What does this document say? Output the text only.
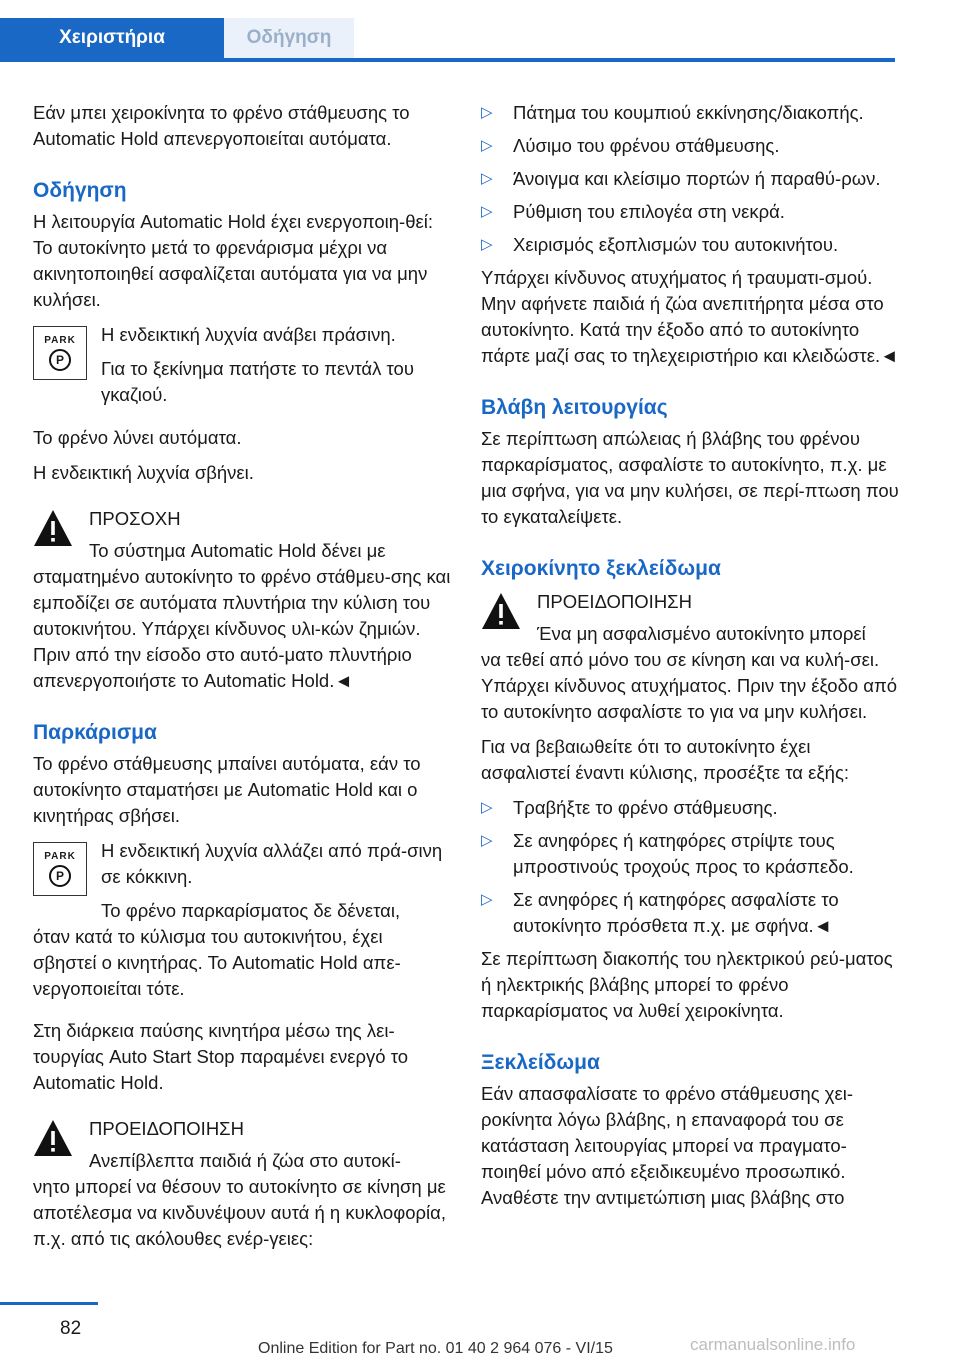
Χειριστήρια	Οδήγηση

Εάν μπει χειροκίνητα το φρένο στάθμευσης το Automatic Hold απενεργοποιείται αυτόματα.

Οδήγηση

Η λειτουργία Automatic Hold έχει ενεργοποιη‐θεί: Το αυτοκίνητο μετά το φρενάρισμα μέχρι να ακινητοποιηθεί ασφαλίζεται αυτόματα για να μην κυλήσει.

PARK
P

Η ενδεικτική λυχνία ανάβει πράσινη.

Για το ξεκίνημα πατήστε το πεντάλ του γκαζιού.

Το φρένο λύνει αυτόματα.

Η ενδεικτική λυχνία σβήνει.

ΠΡΟΣΟΧΗ
Το σύστημα Automatic Hold δένει με

σταματημένο αυτοκίνητο το φρένο στάθμευ‐σης και εμποδίζει σε αυτόματα πλυντήρια την κύλιση του αυτοκινήτου. Υπάρχει κίνδυνος υλι‐κών ζημιών. Πριν από την είσοδο στο αυτό‐ματο πλυντήριο απενεργοποιήστε το Automatic Hold.◄

Παρκάρισμα

Το φρένο στάθμευσης μπαίνει αυτόματα, εάν το αυτοκίνητο σταματήσει με Automatic Hold και ο κινητήρας σβήσει.

PARK
P

Η ενδεικτική λυχνία αλλάζει από πρά‐σινη σε κόκκινη.

Το φρένο παρκαρίσματος δε δένεται,

όταν κατά το κύλισμα του αυτοκινήτου, έχει σβηστεί ο κινητήρας. Το Automatic Hold απε‐νεργοποιείται τότε.

Στη διάρκεια παύσης κινητήρα μέσω της λει‐τουργίας Auto Start Stop παραμένει ενεργό το Automatic Hold.

ΠΡΟΕΙΔΟΠΟΙΗΣΗ
Ανεπίβλεπτα παιδιά ή ζώα στο αυτοκί‐

νητο μπορεί να θέσουν το αυτοκίνητο σε κίνηση με αποτέλεσμα να κινδυνέψουν αυτά ή η κυκλοφορία, π.χ. από τις ακόλουθες ενέρ‐γειες:

▷ Πάτημα του κουμπιού εκκίνησης/διακοπής.
▷ Λύσιμο του φρένου στάθμευσης.
▷ Άνοιγμα και κλείσιμο πορτών ή παραθύ‐ρων.
▷ Ρύθμιση του επιλογέα στη νεκρά.
▷ Χειρισμός εξοπλισμών του αυτοκινήτου.

Υπάρχει κίνδυνος ατυχήματος ή τραυματι‐σμού. Μην αφήνετε παιδιά ή ζώα ανεπιτήρητα μέσα στο αυτοκίνητο. Κατά την έξοδο από το αυτοκίνητο πάρτε μαζί σας το τηλεχειριστήριο και κλειδώστε.◄

Βλάβη λειτουργίας

Σε περίπτωση απώλειας ή βλάβης του φρένου παρκαρίσματος, ασφαλίστε το αυτοκίνητο, π.χ. με μια σφήνα, για να μην κυλήσει, σε περί‐πτωση που το εγκαταλείψετε.

Χειροκίνητο ξεκλείδωμα
ΠΡΟΕΙΔΟΠΟΙΗΣΗ
Ένα μη ασφαλισμένο αυτοκίνητο μπορεί

να τεθεί από μόνο του σε κίνηση και να κυλή‐σει. Υπάρχει κίνδυνος ατυχήματος. Πριν την έξοδο από το αυτοκίνητο ασφαλίστε το για να μην κυλήσει.

Για να βεβαιωθείτε ότι το αυτοκίνητο έχει ασφαλιστεί έναντι κύλισης, προσέξτε τα εξής:

▷ Τραβήξτε το φρένο στάθμευσης.
▷ Σε ανηφόρες ή κατηφόρες στρίψτε τους μπροστινούς τροχούς προς το κράσπεδο.
▷ Σε ανηφόρες ή κατηφόρες ασφαλίστε το αυτοκίνητο πρόσθετα π.χ. με σφήνα.◄

Σε περίπτωση διακοπής του ηλεκτρικού ρεύ‐ματος ή ηλεκτρικής βλάβης μπορεί το φρένο παρκαρίσματος να λυθεί χειροκίνητα.

Ξεκλείδωμα

Εάν απασφαλίσατε το φρένο στάθμευσης χει‐ροκίνητα λόγω βλάβης, η επαναφορά του σε κατάσταση λειτουργίας μπορεί να πραγματο‐ποιηθεί μόνο από εξειδικευμένο προσωπικό. Αναθέστε την αντιμετώπιση μιας βλάβης στο

82
Online Edition for Part no. 01 40 2 964 076 - VI/15	carmanualsonline.info
